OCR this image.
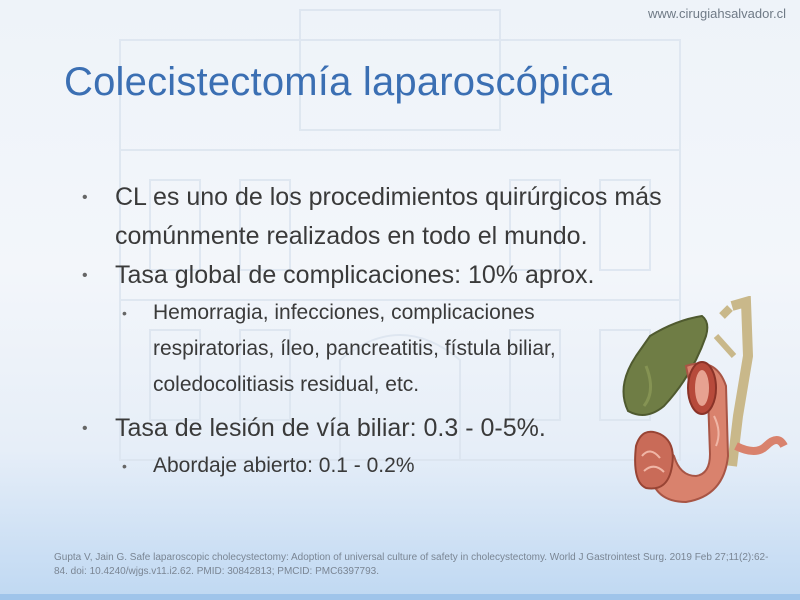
www.cirugiahsalvador.cl
Colecistectomía laparoscópica
• CL es uno de los procedimientos quirúrgicos más comúnmente realizados en todo el mundo.
• Tasa global de complicaciones: 10% aprox.
• Hemorragia, infecciones, complicaciones respiratorias, íleo, pancreatitis, fístula biliar, coledocolitiasis residual, etc.
• Tasa de lesión de vía biliar: 0.3 - 0-5%.
• Abordaje abierto: 0.1 - 0.2%
Gupta V, Jain G. Safe laparoscopic cholecystectomy: Adoption of universal culture of safety in cholecystectomy. World J Gastrointest Surg. 2019 Feb 27;11(2):62-84. doi: 10.4240/wjgs.v11.i2.62. PMID: 30842813; PMCID: PMC6397793.
